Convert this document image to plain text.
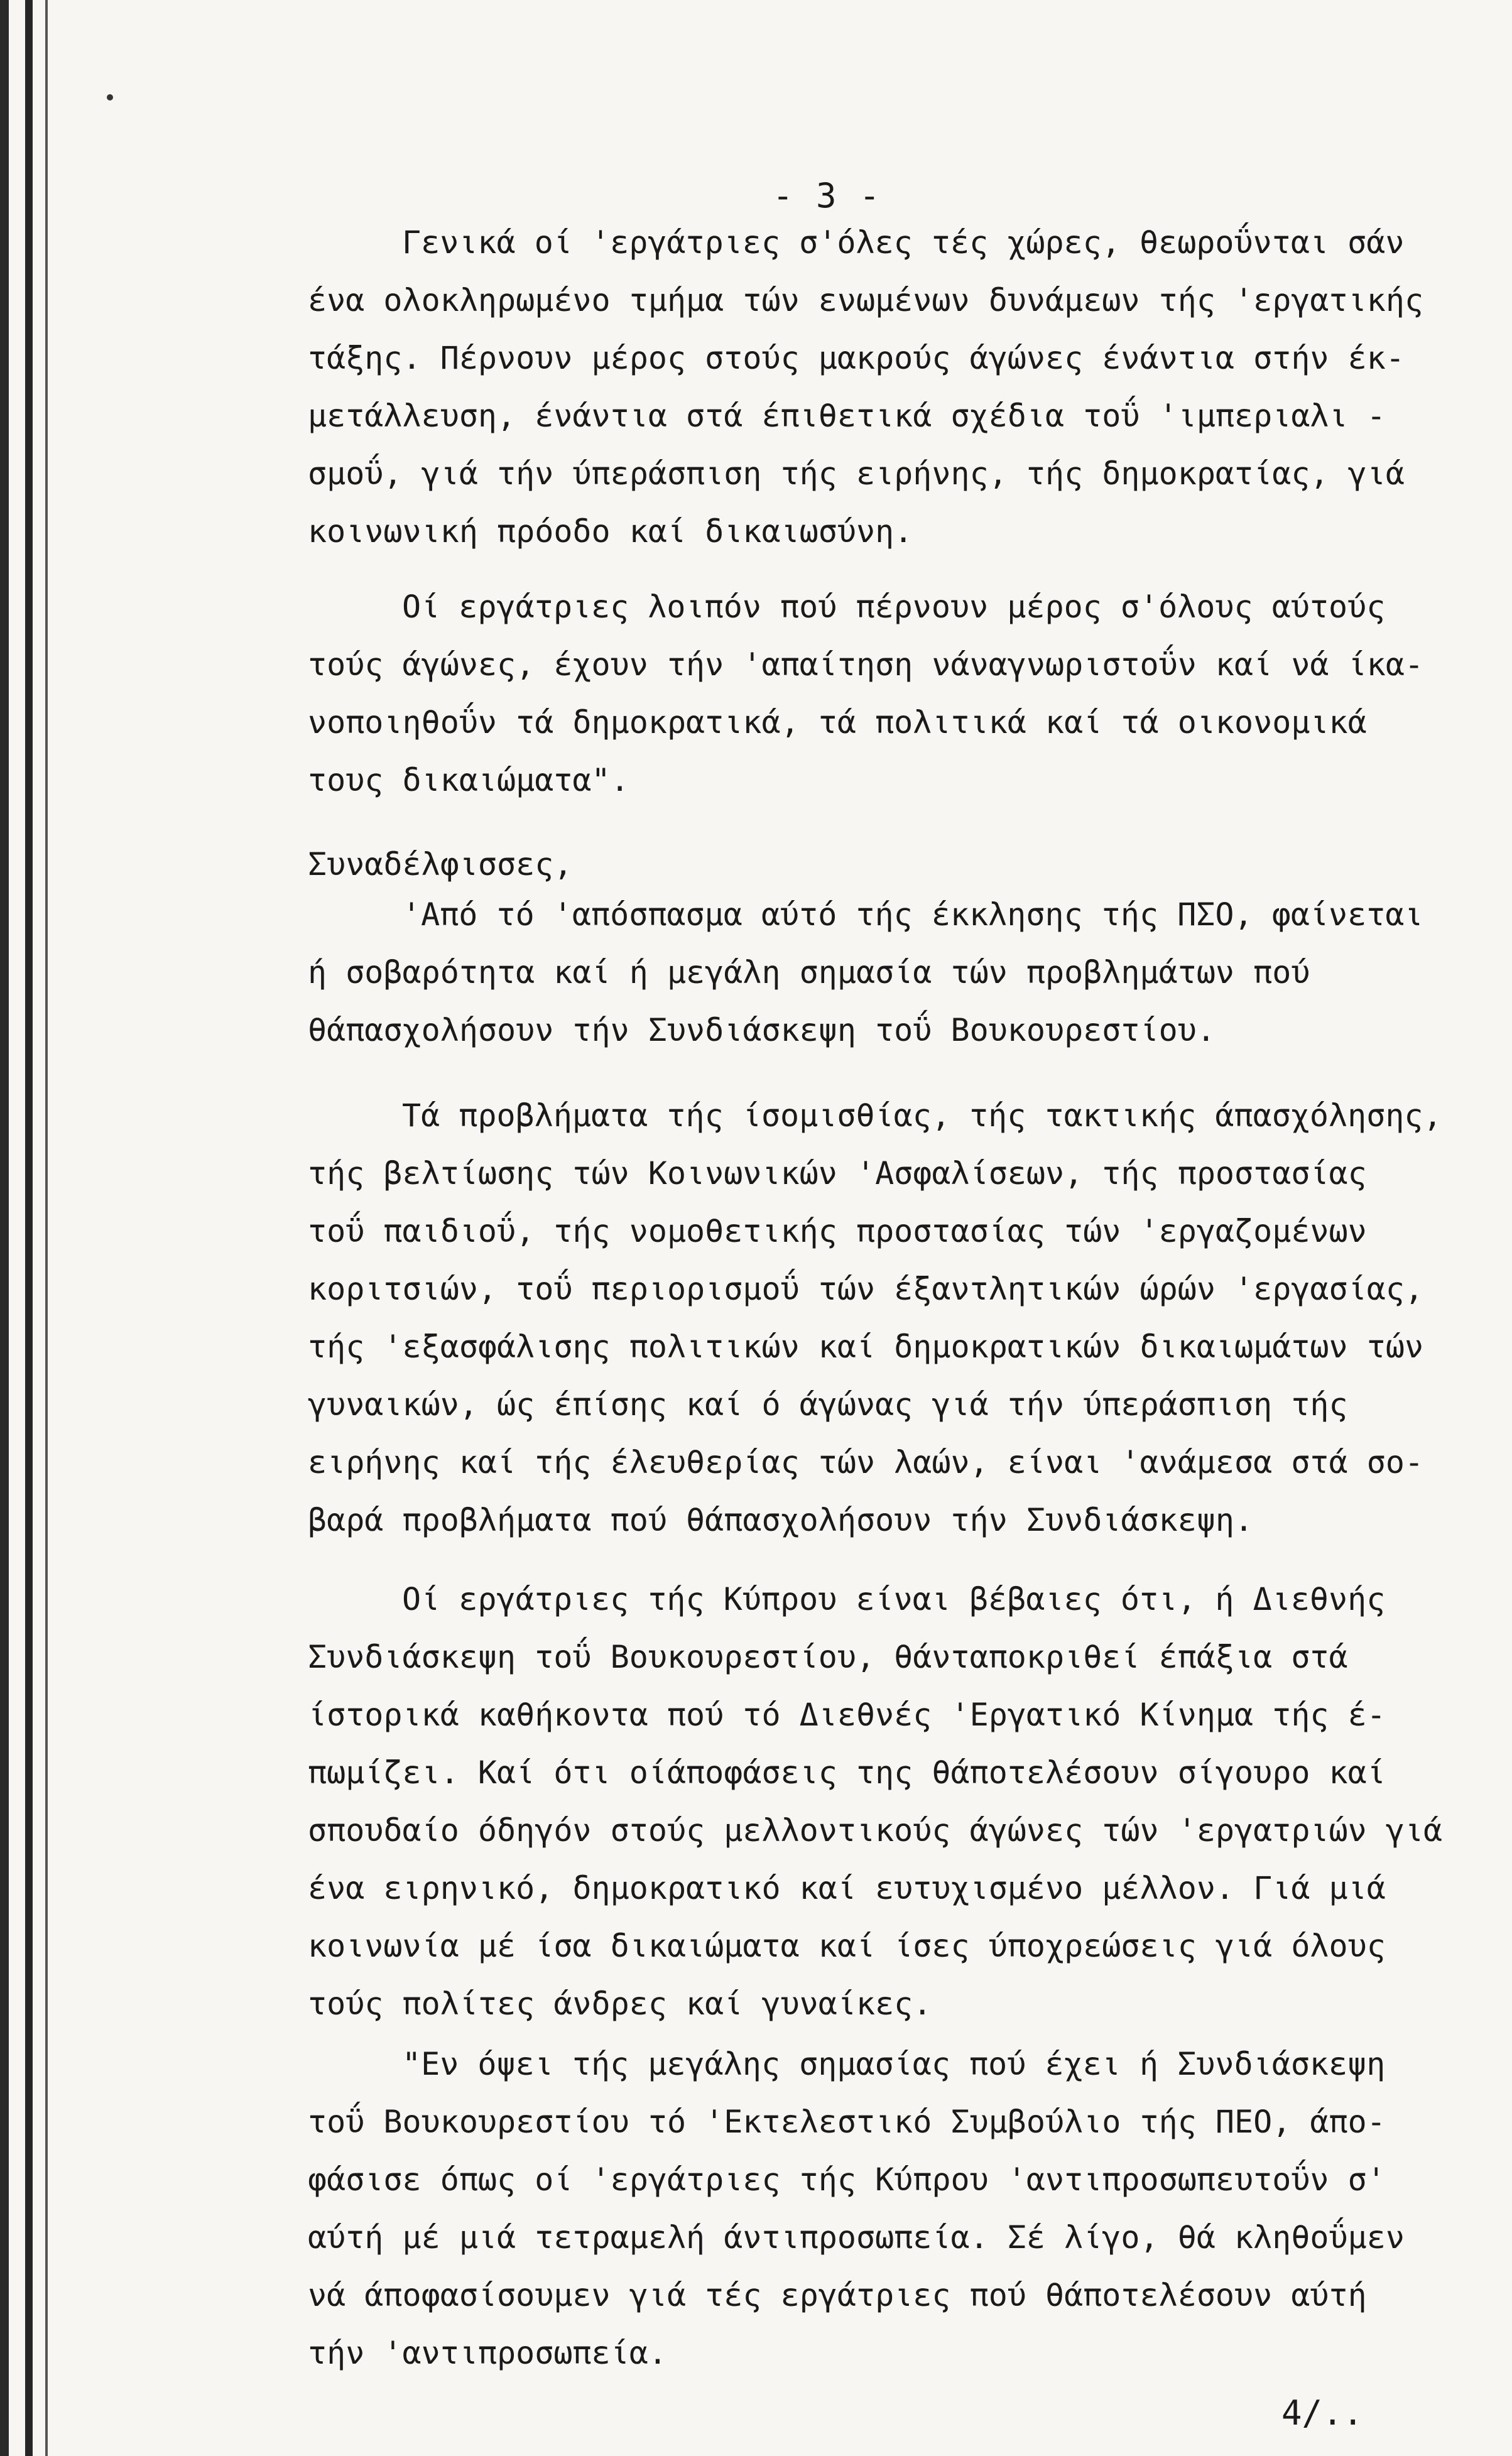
- 3 -
Γενικά οί 'εργάτριες σ'όλες τές χώρες, θεωροΰνται σάν
ένα ολοκληρωμένο τμήμα τών ενωμένων δυνάμεων τής 'εργατικής
τάξης. Πέρνουν μέρος στούς μακρούς άγώνες ένάντια στήν έκ-
μετάλλευση, ένάντια στά έπιθετικά σχέδια τοΰ 'ιμπεριαλι -
σμοΰ, γιά τήν ύπεράσπιση τής ειρήνης, τής δημοκρατίας, γιά
κοινωνική πρόοδο καί δικαιωσύνη.
Οί εργάτριες λοιπόν πού πέρνουν μέρος σ'όλους αύτούς
τούς άγώνες, έχουν τήν 'απαίτηση νάναγνωριστοΰν καί νά ίκα-
νοποιηθοΰν τά δημοκρατικά, τά πολιτικά καί τά οικονομικά
τους δικαιώματα".
Συναδέλφισσες,
'Από τό 'απόσπασμα αύτό τής έκκλησης τής ΠΣΟ, φαίνεται
ή σοβαρότητα καί ή μεγάλη σημασία τών προβλημάτων πού
θάπασχολήσουν τήν Συνδιάσκεψη τοΰ Βουκουρεστίου.
Τά προβλήματα τής ίσομισθίας, τής τακτικής άπασχόλησης,
τής βελτίωσης τών Κοινωνικών 'Ασφαλίσεων, τής προστασίας
τοΰ παιδιοΰ, τής νομοθετικής προστασίας τών 'εργαζομένων
κοριτσιών, τοΰ περιορισμοΰ τών έξαντλητικών ώρών 'εργασίας,
τής 'εξασφάλισης πολιτικών καί δημοκρατικών δικαιωμάτων τών
γυναικών, ώς έπίσης καί ό άγώνας γιά τήν ύπεράσπιση τής
ειρήνης καί τής έλευθερίας τών λαών, είναι 'ανάμεσα στά σο-
βαρά προβλήματα πού θάπασχολήσουν τήν Συνδιάσκεψη.
Οί εργάτριες τής Κύπρου είναι βέβαιες ότι, ή Διεθνής
Συνδιάσκεψη τοΰ Βουκουρεστίου, θάνταποκριθεί έπάξια στά
ίστορικά καθήκοντα πού τό Διεθνές 'Εργατικό Κίνημα τής έ-
πωμίζει. Καί ότι οίάποφάσεις της θάποτελέσουν σίγουρο καί
σπουδαίο όδηγόν στούς μελλοντικούς άγώνες τών 'εργατριών γιά
ένα ειρηνικό, δημοκρατικό καί ευτυχισμένο μέλλον. Γιά μιά
κοινωνία μέ ίσα δικαιώματα καί ίσες ύποχρεώσεις γιά όλους
τούς πολίτες άνδρες καί γυναίκες.
"Εν όψει τής μεγάλης σημασίας πού έχει ή Συνδιάσκεψη
τοΰ Βουκουρεστίου τό 'Εκτελεστικό Συμβούλιο τής ΠΕΟ, άπο-
φάσισε όπως οί 'εργάτριες τής Κύπρου 'αντιπροσωπευτοΰν σ'
αύτή μέ μιά τετραμελή άντιπροσωπεία. Σέ λίγο, θά κληθοΰμεν
νά άποφασίσουμεν γιά τές εργάτριες πού θάποτελέσουν αύτή
τήν 'αντιπροσωπεία.
4/..
